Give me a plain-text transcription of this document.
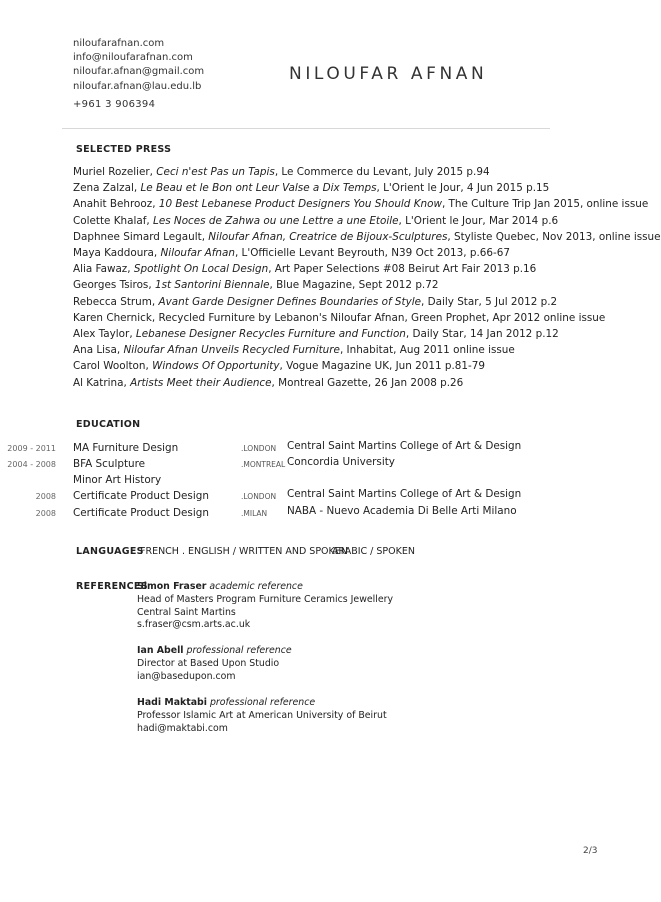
niloufarafnan.com
info@niloufarafnan.com
niloufar.afnan@gmail.com
niloufar.afnan@lau.edu.lb
+961 3 906394
NILOUFAR AFNAN
SELECTED PRESS
Muriel Rozelier, Ceci n'est Pas un Tapis, Le Commerce du Levant, July 2015 p.94
Zena Zalzal, Le Beau et le Bon ont Leur Valse a Dix Temps, L'Orient le Jour, 4 Jun 2015 p.15
Anahit Behrooz, 10 Best Lebanese Product Designers You Should Know, The Culture Trip Jan 2015, online issue
Colette Khalaf, Les Noces de Zahwa ou une Lettre a une Etoile, L'Orient le Jour, Mar 2014 p.6
Daphnee Simard Legault, Niloufar Afnan, Creatrice de Bijoux-Sculptures, Styliste Quebec, Nov 2013, online issue
Maya Kaddoura, Niloufar Afnan, L'Officielle Levant Beyrouth, N39 Oct 2013, p.66-67
Alia Fawaz, Spotlight On Local Design, Art Paper Selections #08 Beirut Art Fair 2013 p.16
Georges Tsiros, 1st Santorini Biennale, Blue Magazine, Sept 2012 p.72
Rebecca Strum, Avant Garde Designer Defines Boundaries of Style, Daily Star, 5 Jul 2012 p.2
Karen Chernick, Recycled Furniture by Lebanon's Niloufar Afnan, Green Prophet, Apr 2012 online issue
Alex Taylor, Lebanese Designer Recycles Furniture and Function, Daily Star, 14 Jan 2012 p.12
Ana Lisa, Niloufar Afnan Unveils Recycled Furniture, Inhabitat, Aug 2011 online issue
Carol Woolton, Windows Of Opportunity, Vogue Magazine UK, Jun 2011 p.81-79
Al Katrina, Artists Meet their Audience, Montreal Gazette, 26 Jan 2008 p.26
EDUCATION
2009 - 2011 MA Furniture Design	.LONDON Central Saint Martins College of Art & Design
2004 - 2008 BFA Sculpture	.MONTREAL Concordia University
Minor Art History
2008 Certificate Product Design	.LONDON Central Saint Martins College of Art & Design
2008 Certificate Product Design	.MILAN NABA - Nuevo Academia Di Belle Arti Milano
LANGUAGES
FRENCH . ENGLISH / WRITTEN AND SPOKEN
ARABIC / SPOKEN
REFERENCES
Simon Fraser academic reference
Head of Masters Program Furniture Ceramics Jewellery
Central Saint Martins
s.fraser@csm.arts.ac.uk
Ian Abell professional reference
Director at Based Upon Studio
ian@basedupon.com
Hadi Maktabi professional reference
Professor Islamic Art at American University of Beirut
hadi@maktabi.com
2/3
